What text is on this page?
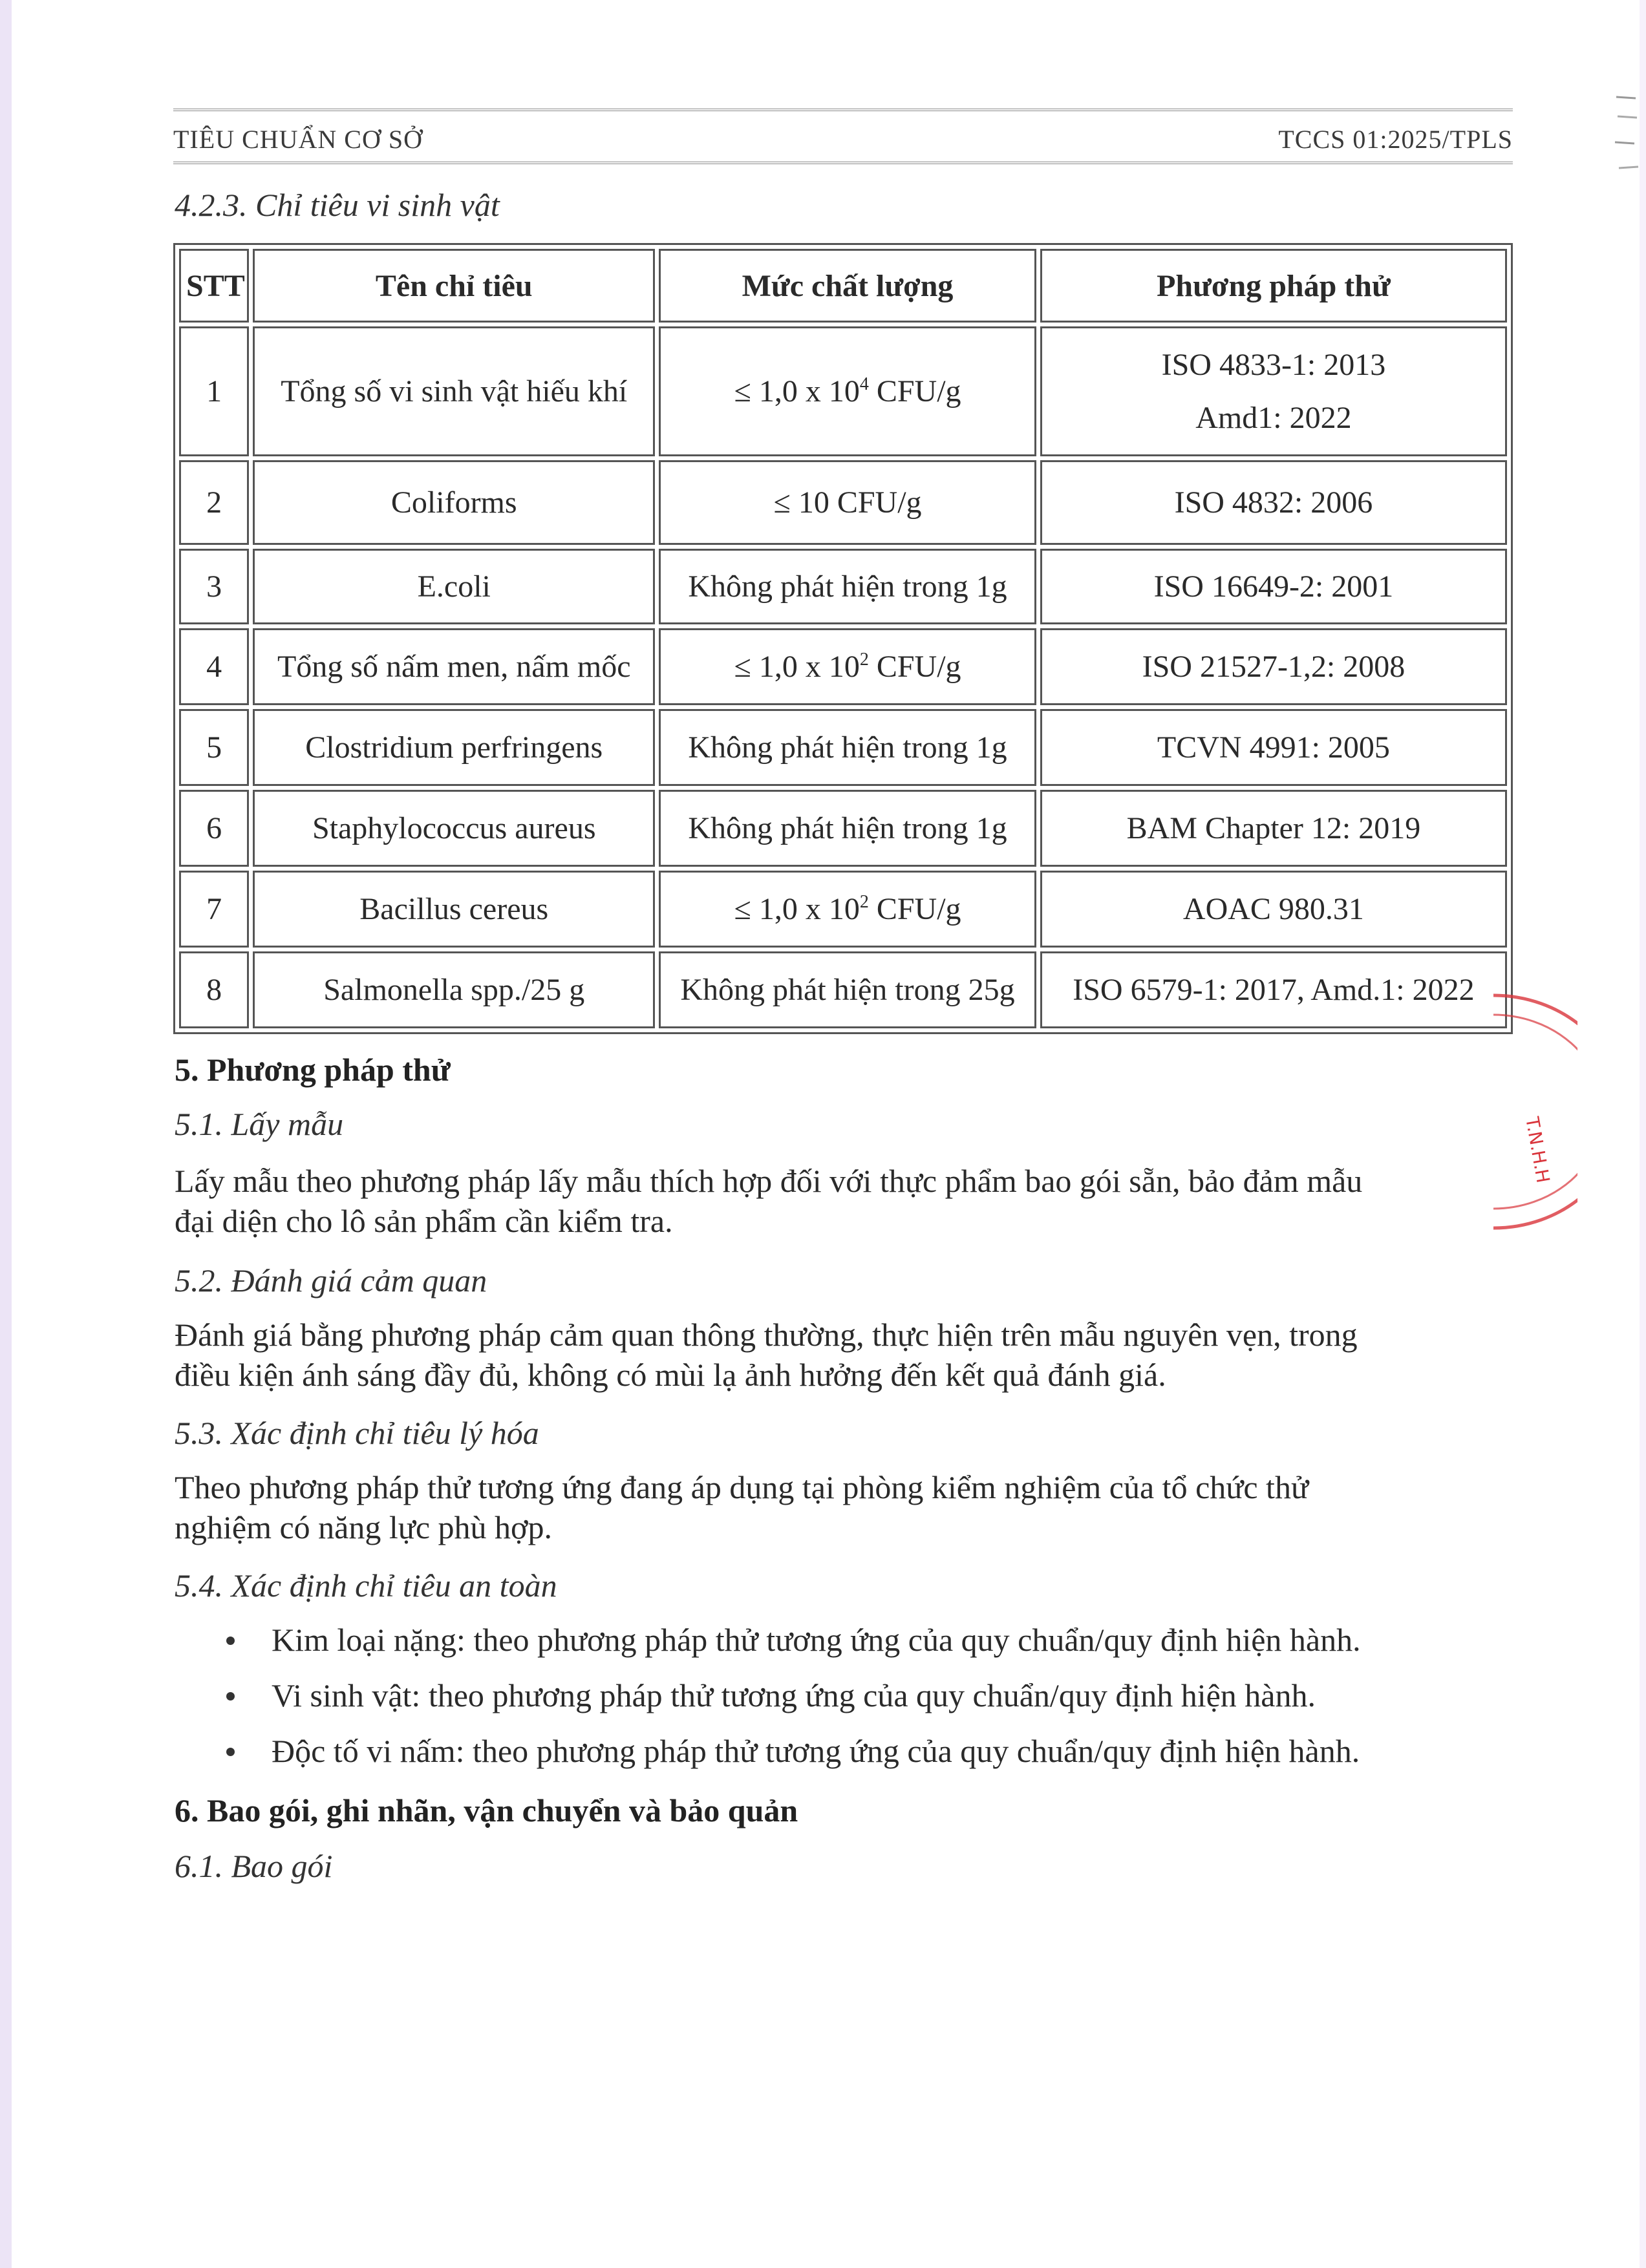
TIÊU CHUẨN CƠ SỞ	TCCS 01:2025/TPLS
4.2.3. Chỉ tiêu vi sinh vật
STT	Tên chỉ tiêu	Mức chất lượng	Phương pháp thử
1	Tổng số vi sinh vật hiếu khí	≤ 1,0 x $10^4$ CFU/g	ISO 4833-1: 2013
Amd1: 2022

2	Coliforms	≤ 10 CFU/g	ISO 4832: 2006
3	E.coli	Không phát hiện trong 1g	ISO 16649-2: 2001
4	Tổng số nấm men, nấm mốc	≤ 1,0 x $10^2$ CFU/g	ISO 21527-1,2: 2008
5	Clostridium perfringens	Không phát hiện trong 1g	TCVN 4991: 2005
6	Staphylococcus aureus	Không phát hiện trong 1g	BAM Chapter 12: 2019
7	Bacillus cereus	≤ 1,0 x $10^2$ CFU/g	AOAC 980.31
8	Salmonella spp./25 g	Không phát hiện trong 25g	ISO 6579-1: 2017, Amd.1: 2022
5. Phương pháp thử
5.1. Lấy mẫu
Lấy mẫu theo phương pháp lấy mẫu thích hợp đối với thực phẩm bao gói sẵn, bảo đảm mẫu
đại diện cho lô sản phẩm cần kiểm tra.
5.2. Đánh giá cảm quan
Đánh giá bằng phương pháp cảm quan thông thường, thực hiện trên mẫu nguyên vẹn, trong
điều kiện ánh sáng đầy đủ, không có mùi lạ ảnh hưởng đến kết quả đánh giá.
5.3. Xác định chỉ tiêu lý hóa
Theo phương pháp thử tương ứng đang áp dụng tại phòng kiểm nghiệm của tổ chức thử
nghiệm có năng lực phù hợp.
5.4. Xác định chỉ tiêu an toàn
Kim loại nặng: theo phương pháp thử tương ứng của quy chuẩn/quy định hiện hành.
Vi sinh vật: theo phương pháp thử tương ứng của quy chuẩn/quy định hiện hành.
Độc tố vi nấm: theo phương pháp thử tương ứng của quy chuẩn/quy định hiện hành.
6. Bao gói, ghi nhãn, vận chuyển và bảo quản
6.1. Bao gói
T.N.H.H
